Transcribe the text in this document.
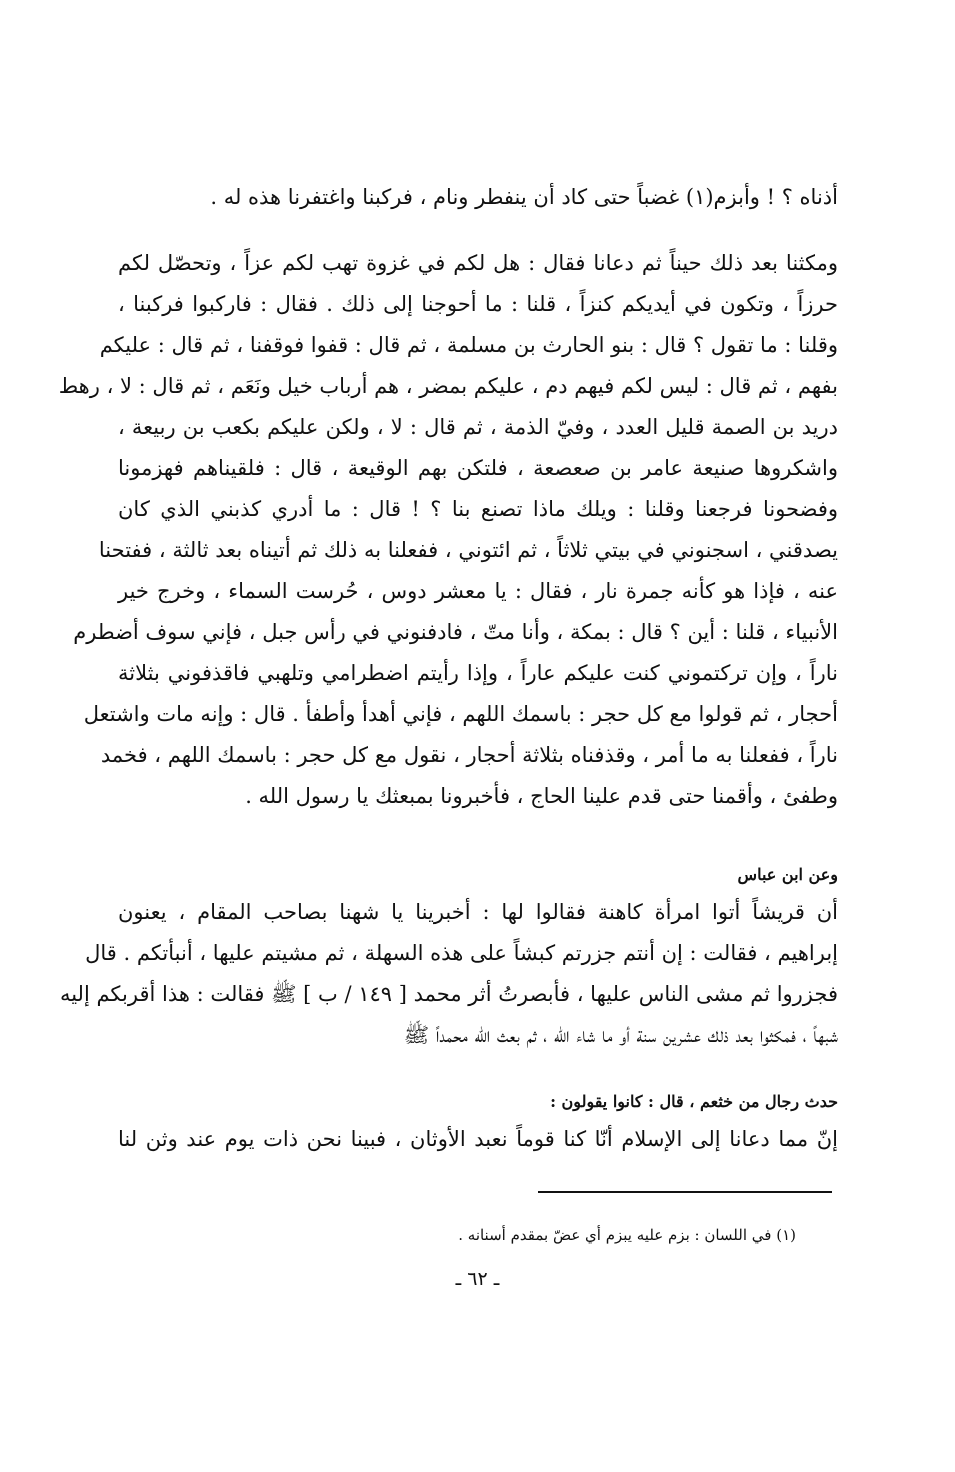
أذناه ؟ ! وأبزم(١) غضباً حتى كاد أن ينفطر ونام ، فركبنا واغتفرنا هذه له .
ومكثنا بعد ذلك حيناً ثم دعانا فقال : هل لكم في غزوة تهب لكم عزاً ، وتحصّل لكم
حرزاً ، وتكون في أيديكم كنزاً ، قلنا : ما أحوجنا إلى ذلك . فقال : فاركبوا فركبنا ،
وقلنا : ما تقول ؟ قال : بنو الحارث بن مسلمة ، ثم قال : قفوا فوقفنا ، ثم قال : عليكم
بفهم ، ثم قال : ليس لكم فيهم دم ، عليكم بمضر ، هم أرباب خيل ونَعَم ، ثم قال : لا ، رهط
دريد بن الصمة قليل العدد ، وفيّ الذمة ، ثم قال : لا ، ولكن عليكم بكعب بن ربيعة ،
واشكروها صنيعة عامر بن صعصعة ، فلتكن بهم الوقيعة ، قال : فلقيناهم فهزمونا
وفضحونا فرجعنا وقلنا : ويلك ماذا تصنع بنا ؟ ! قال : ما أدري كذبني الذي كان
يصدقني ، اسجنوني في بيتي ثلاثاً ، ثم ائتوني ، ففعلنا به ذلك ثم أتيناه بعد ثالثة ، ففتحنا
عنه ، فإذا هو كأنه جمرة نار ، فقال : يا معشر دوس ، حُرست السماء ، وخرج خير
الأنبياء ، قلنا : أين ؟ قال : بمكة ، وأنا متّ ، فادفنوني في رأس جبل ، فإني سوف أضطرم
ناراً ، وإن تركتموني كنت عليكم عاراً ، وإذا رأيتم اضطرامي وتلهبي فاقذفوني بثلاثة
أحجار ، ثم قولوا مع كل حجر : باسمك اللهم ، فإني أهدأ وأطفأ . قال : وإنه مات واشتعل
ناراً ، ففعلنا به ما أمر ، وقذفناه بثلاثة أحجار ، نقول مع كل حجر : باسمك اللهم ، فخمد
وطفئ ، وأقمنا حتى قدم علينا الحاج ، فأخبرونا بمبعثك يا رسول الله .
وعن ابن عباس
أن قريشاً أتوا امرأة كاهنة فقالوا لها : أخبرينا يا شهنا بصاحب المقام ، يعنون
إبراهيم ، فقالت : إن أنتم جزرتم كبشاً على هذه السهلة ، ثم مشيتم عليها ، أنبأتكم . قال
فجزروا ثم مشى الناس عليها ، فأبصرتُ أثر محمد [ ١٤٩ / ب ] ﷺ فقالت : هذا أقربكم إليه
شبهاً ، فمكثوا بعد ذلك عشرين سنة أو ما شاء الله ، ثم بعث الله محمداً ﷺ
حدث رجال من خثعم ، قال : كانوا يقولون :
إنّ مما دعانا إلى الإسلام أنّا كنا قوماً نعبد الأوثان ، فبينا نحن ذات يوم عند وثن لنا
(١) في اللسان : بزم عليه يبزم أي عضّ بمقدم أسنانه .
ـ ٦٢ ـ
